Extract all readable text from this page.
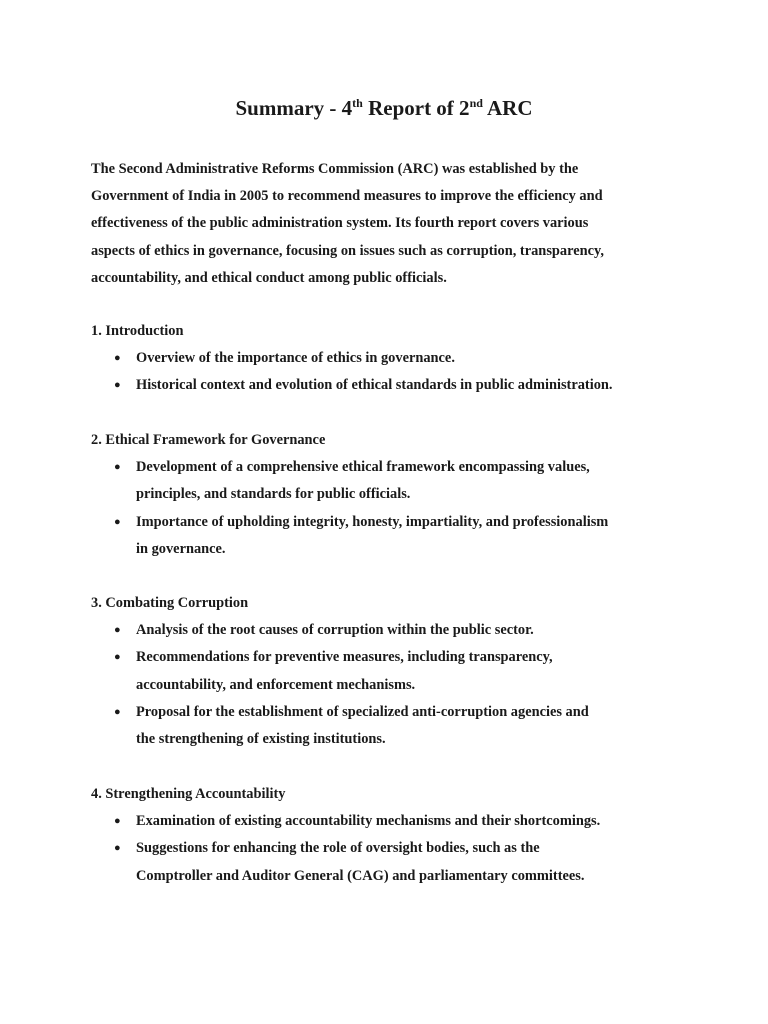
Summary - 4th Report of 2nd ARC

The Second Administrative Reforms Commission (ARC) was established by the
Government of India in 2005 to recommend measures to improve the efficiency and
effectiveness of the public administration system. Its fourth report covers various
aspects of ethics in governance, focusing on issues such as corruption, transparency,
accountability, and ethical conduct among public officials.

1. Introduction

● Overview of the importance of ethics in governance.
● Historical context and evolution of ethical standards in public administration.

2. Ethical Framework for Governance

● Development of a comprehensive ethical framework encompassing values,
principles, and standards for public officials.
● Importance of upholding integrity, honesty, impartiality, and professionalism
in governance.

3. Combating Corruption

● Analysis of the root causes of corruption within the public sector.
● Recommendations for preventive measures, including transparency,
accountability, and enforcement mechanisms.
● Proposal for the establishment of specialized anti-corruption agencies and
the strengthening of existing institutions.

4. Strengthening Accountability

● Examination of existing accountability mechanisms and their shortcomings.
● Suggestions for enhancing the role of oversight bodies, such as the
Comptroller and Auditor General (CAG) and parliamentary committees.
